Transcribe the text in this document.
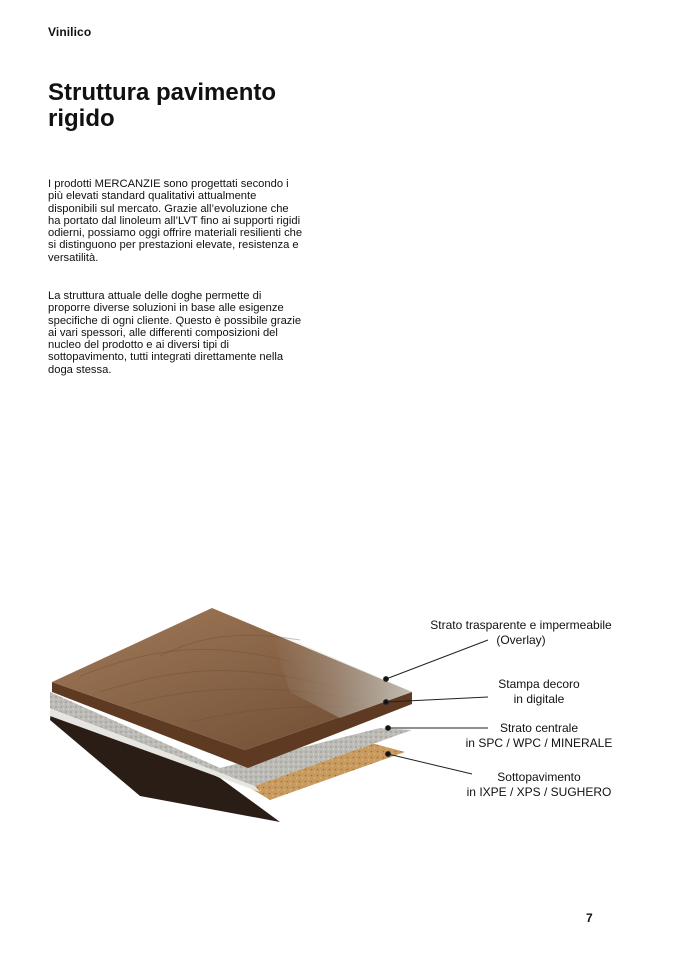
Vinilico
Struttura pavimento rigido

I prodotti MERCANZIE sono progettati secondo i più elevati standard qualitativi attualmente disponibili sul mercato. Grazie all’evoluzione che ha portato dal linoleum all’LVT fino ai supporti rigidi odierni, possiamo oggi offrire materiali resilienti che si distinguono per prestazioni elevate, resistenza e versatilità.

La struttura attuale delle doghe permette di proporre diverse soluzioni in base alle esigenze specifiche di ogni cliente. Questo è possibile grazie ai vari spessori, alle differenti composizioni del nucleo del prodotto e ai diversi tipi di sottopavimento, tutti integrati direttamente nella doga stessa.

Strato trasparente e impermeabile
(Overlay)
Stampa decoro
in digitale
Strato centrale
in SPC / WPC / MINERALE
Sottopavimento
in IXPE / XPS / SUGHERO
7
